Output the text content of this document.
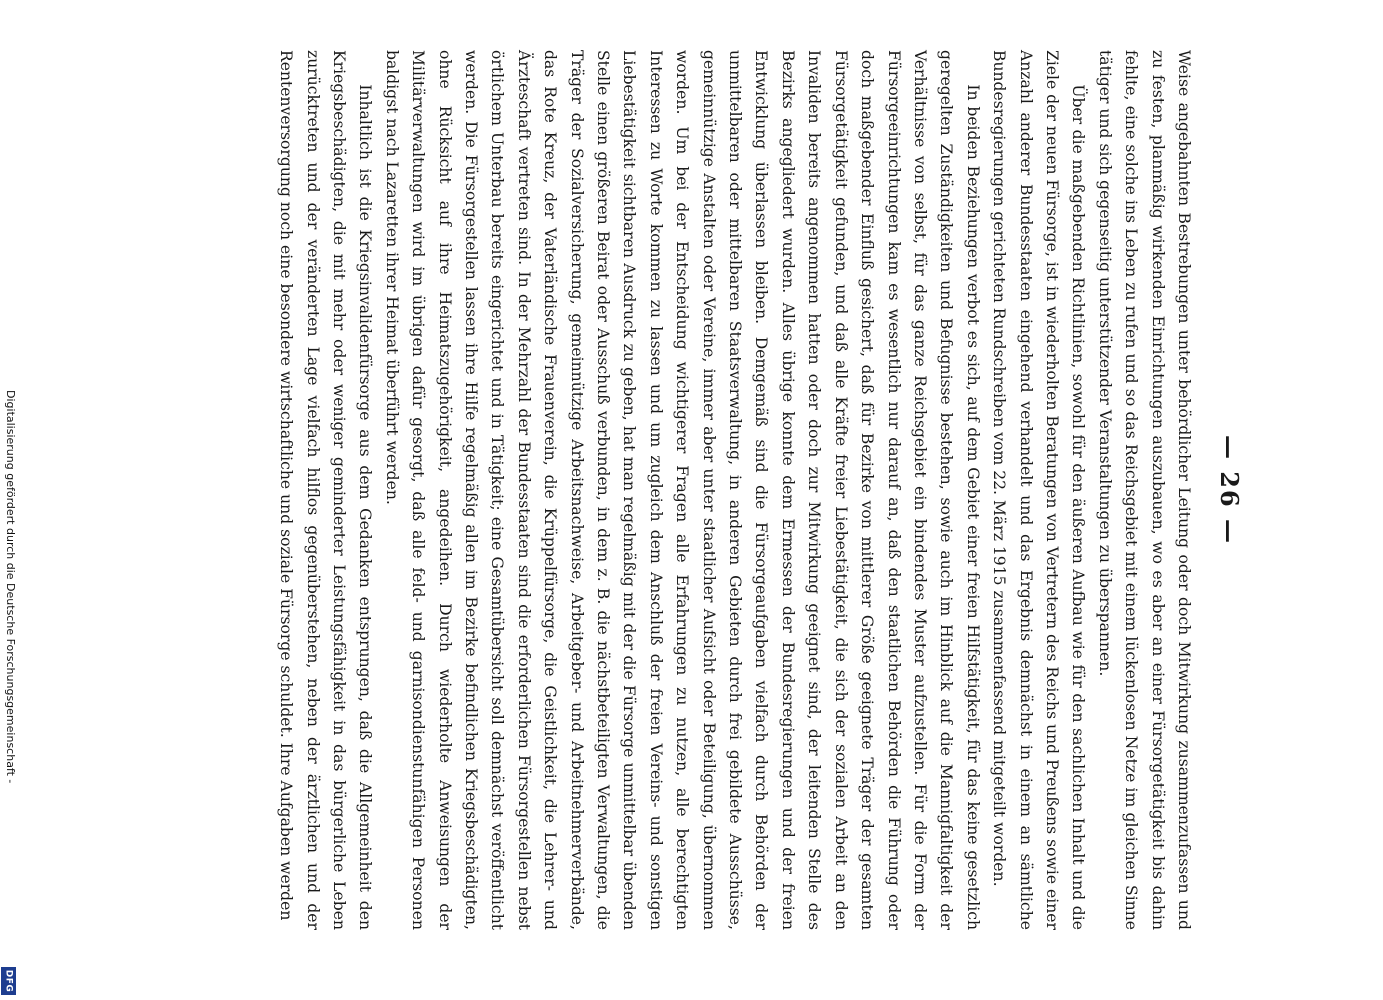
— 26 —

Weise angebahnten Bestrebungen unter behördlicher Leitung oder doch Mitwirkung zusammenzufassen und zu festen, planmäßig wirkenden Einrichtungen auszubauen, wo es aber an einer Fürsorgetätigkeit bis dahin fehlte, eine solche ins Leben zu rufen und so das Reichsgebiet mit einem lückenlosen Netze im gleichen Sinne tätiger und sich gegenseitig unterstützender Veranstaltungen zu überspannen.

Über die maßgebenden Richtlinien, sowohl für den äußeren Aufbau wie für den sachlichen Inhalt und die Ziele der neuen Fürsorge, ist in wiederholten Beratungen von Vertretern des Reichs und Preußens sowie einer Anzahl anderer Bundesstaaten eingehend verhandelt und das Ergebnis demnächst in einem an sämtliche Bundesregierungen gerichteten Rundschreiben vom 22. März 1915 zusammenfassend mitgeteilt worden.

In beiden Beziehungen verbot es sich, auf dem Gebiet einer freien Hilfstätigkeit, für das keine gesetzlich geregelten Zuständigkeiten und Befugnisse bestehen, sowie auch im Hinblick auf die Mannigfaltigkeit der Verhältnisse von selbst, für das ganze Reichsgebiet ein bindendes Muster aufzustellen. Für die Form der Fürsorgeeinrichtungen kam es wesentlich nur darauf an, daß den staatlichen Behörden die Führung oder doch maßgebender Einfluß gesichert, daß für Bezirke von mittlerer Größe geeignete Träger der gesamten Fürsorgetätigkeit gefunden, und daß alle Kräfte freier Liebestätigkeit, die sich der sozialen Arbeit an den Invaliden bereits angenommen hatten oder doch zur Mitwirkung geeignet sind, der leitenden Stelle des Bezirks angegliedert wurden. Alles übrige konnte dem Ermessen der Bundesregierungen und der freien Entwicklung überlassen bleiben. Demgemäß sind die Fürsorgeaufgaben vielfach durch Behörden der unmittelbaren oder mittelbaren Staatsverwaltung, in anderen Gebieten durch frei gebildete Ausschüsse, gemeinnützige Anstalten oder Vereine, immer aber unter staatlicher Aufsicht oder Beteiligung, übernommen worden. Um bei der Entscheidung wichtigerer Fragen alle Erfahrungen zu nutzen, alle berechtigten Interessen zu Worte kommen zu lassen und um zugleich dem Anschluß der freien Vereins- und sonstigen Liebestätigkeit sichtbaren Ausdruck zu geben, hat man regelmäßig mit der die Fürsorge unmittelbar übenden Stelle einen größeren Beirat oder Ausschuß verbunden, in dem z. B. die nächstbeteiligten Verwaltungen, die Träger der Sozialversicherung, gemeinnützige Arbeitsnachweise, Arbeitgeber- und Arbeitnehmerverbände, das Rote Kreuz, der Vaterländische Frauenverein, die Krüppelfürsorge, die Geistlichkeit, die Lehrer- und Ärzteschaft vertreten sind. In der Mehrzahl der Bundesstaaten sind die erforderlichen Fürsorgestellen nebst örtlichem Unterbau bereits eingerichtet und in Tätigkeit; eine Gesamtübersicht soll demnächst veröffentlicht werden. Die Fürsorgestellen lassen ihre Hilfe regelmäßig allen im Bezirke befindlichen Kriegsbeschädigten, ohne Rücksicht auf ihre Heimatszugehörigkeit, angedeihen. Durch wiederholte Anweisungen der Militärverwaltungen wird im übrigen dafür gesorgt, daß alle feld- und garnisondienstunfähigen Personen baldigst nach Lazaretten ihrer Heimat überführt werden.

Inhaltlich ist die Kriegsinvalidenfürsorge aus dem Gedanken entsprungen, daß die Allgemeinheit den Kriegsbeschädigten, die mit mehr oder weniger geminderter Leistungsfähigkeit in das bürgerliche Leben zurücktreten und der veränderten Lage vielfach hilflos gegenüberstehen, neben der ärztlichen und der Rentenversorgung noch eine besondere wirtschaftliche und soziale Fürsorge schuldet. Ihre Aufgaben werden

Digitalisierung gefördert durch die Deutsche Forschungsgemeinschaft -
DFG
